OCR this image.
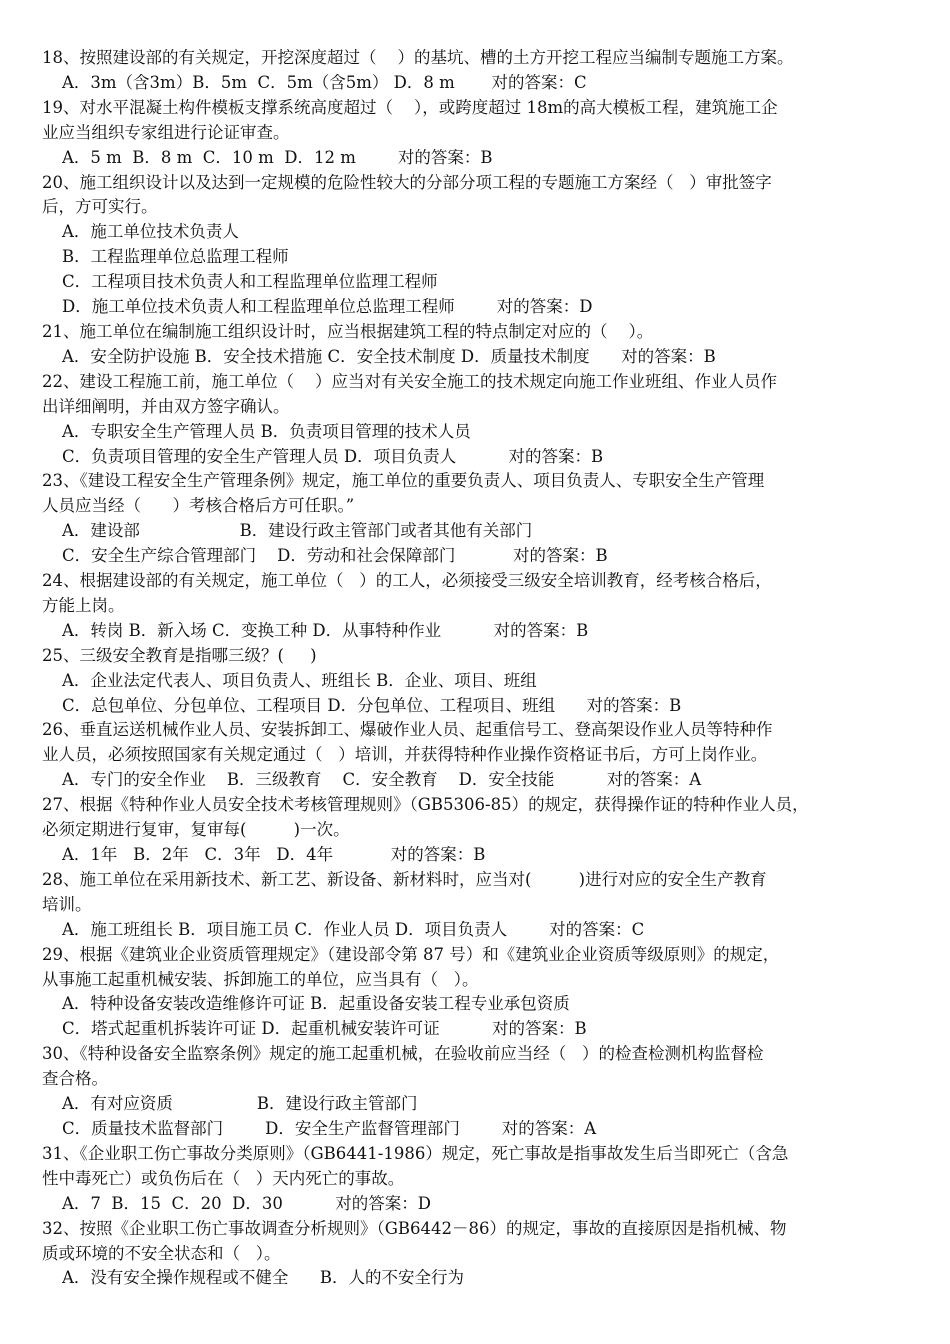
18、按照建设部的有关规定，开挖深度超过（    ）的基坑、槽的土方开挖工程应当编制专题施工方案。
A．3m（含3m）B．5m  C．5m（含5m） D．8 m       对的答案：C
19、对水平混凝土构件模板支撑系统高度超过（    ），或跨度超过 18m的高大模板工程，建筑施工企
业应当组织专家组进行论证审查。
A．5 m  B．8 m  C．10 m  D．12 m        对的答案：B
20、施工组织设计以及达到一定规模的危险性较大的分部分项工程的专题施工方案经（   ）审批签字
后，方可实行。
A．施工单位技术负责人
B．工程监理单位总监理工程师
C．工程项目技术负责人和工程监理单位监理工程师
D．施工单位技术负责人和工程监理单位总监理工程师        对的答案：D
21、施工单位在编制施工组织设计时，应当根据建筑工程的特点制定对应的（    ）。
A．安全防护设施 B．安全技术措施 C．安全技术制度 D．质量技术制度      对的答案：B
22、建设工程施工前，施工单位（    ）应当对有关安全施工的技术规定向施工作业班组、作业人员作
出详细阐明，并由双方签字确认。
A．专职安全生产管理人员 B．负责项目管理的技术人员
C．负责项目管理的安全生产管理人员 D．项目负责人          对的答案：B
23、《建设工程安全生产管理条例》规定，施工单位的重要负责人、项目负责人、专职安全生产管理
人员应当经（      ）考核合格后方可任职。”
A．建设部                   B．建设行政主管部门或者其他有关部门
C．安全生产综合管理部门    D．劳动和社会保障部门           对的答案：B
24、根据建设部的有关规定，施工单位（   ）的工人，必须接受三级安全培训教育，经考核合格后，
方能上岗。
A．转岗 B．新入场 C．变换工种 D．从事特种作业          对的答案：B
25、三级安全教育是指哪三级？(     )
A．企业法定代表人、项目负责人、班组长 B．企业、项目、班组
C．总包单位、分包单位、工程项目 D．分包单位、工程项目、班组      对的答案：B
26、垂直运送机械作业人员、安装拆卸工、爆破作业人员、起重信号工、登高架设作业人员等特种作
业人员，必须按照国家有关规定通过（   ）培训，并获得特种作业操作资格证书后，方可上岗作业。
A．专门的安全作业    B．三级教育    C．安全教育    D．安全技能          对的答案：A
27、根据《特种作业人员安全技术考核管理规则》（GB5306-85）的规定，获得操作证的特种作业人员，
必须定期进行复审，复审每(         )一次。
A．1年   B．2年   C．3年   D．4年           对的答案：B
28、施工单位在采用新技术、新工艺、新设备、新材料时，应当对(         )进行对应的安全生产教育
培训。
A．施工班组长 B．项目施工员 C．作业人员 D．项目负责人        对的答案：C
29、根据《建筑业企业资质管理规定》（建设部令第 87 号）和《建筑业企业资质等级原则》的规定，
从事施工起重机械安装、拆卸施工的单位，应当具有（   ）。
A．特种设备安装改造维修许可证 B．起重设备安装工程专业承包资质
C．塔式起重机拆装许可证 D．起重机械安装许可证          对的答案：B
30、《特种设备安全监察条例》规定的施工起重机械，在验收前应当经（   ）的检查检测机构监督检
查合格。
A．有对应资质                B．建设行政主管部门
C．质量技术监督部门        D．安全生产监督管理部门        对的答案：A
31、《企业职工伤亡事故分类原则》（GB6441-1986）规定，死亡事故是指事故发生后当即死亡（含急
性中毒死亡）或负伤后在（   ）天内死亡的事故。
A．7  B．15  C．20  D．30          对的答案：D
32、按照《企业职工伤亡事故调查分析规则》（GB6442－86）的规定，事故的直接原因是指机械、物
质或环境的不安全状态和（   ）。
A．没有安全操作规程或不健全      B．人的不安全行为
